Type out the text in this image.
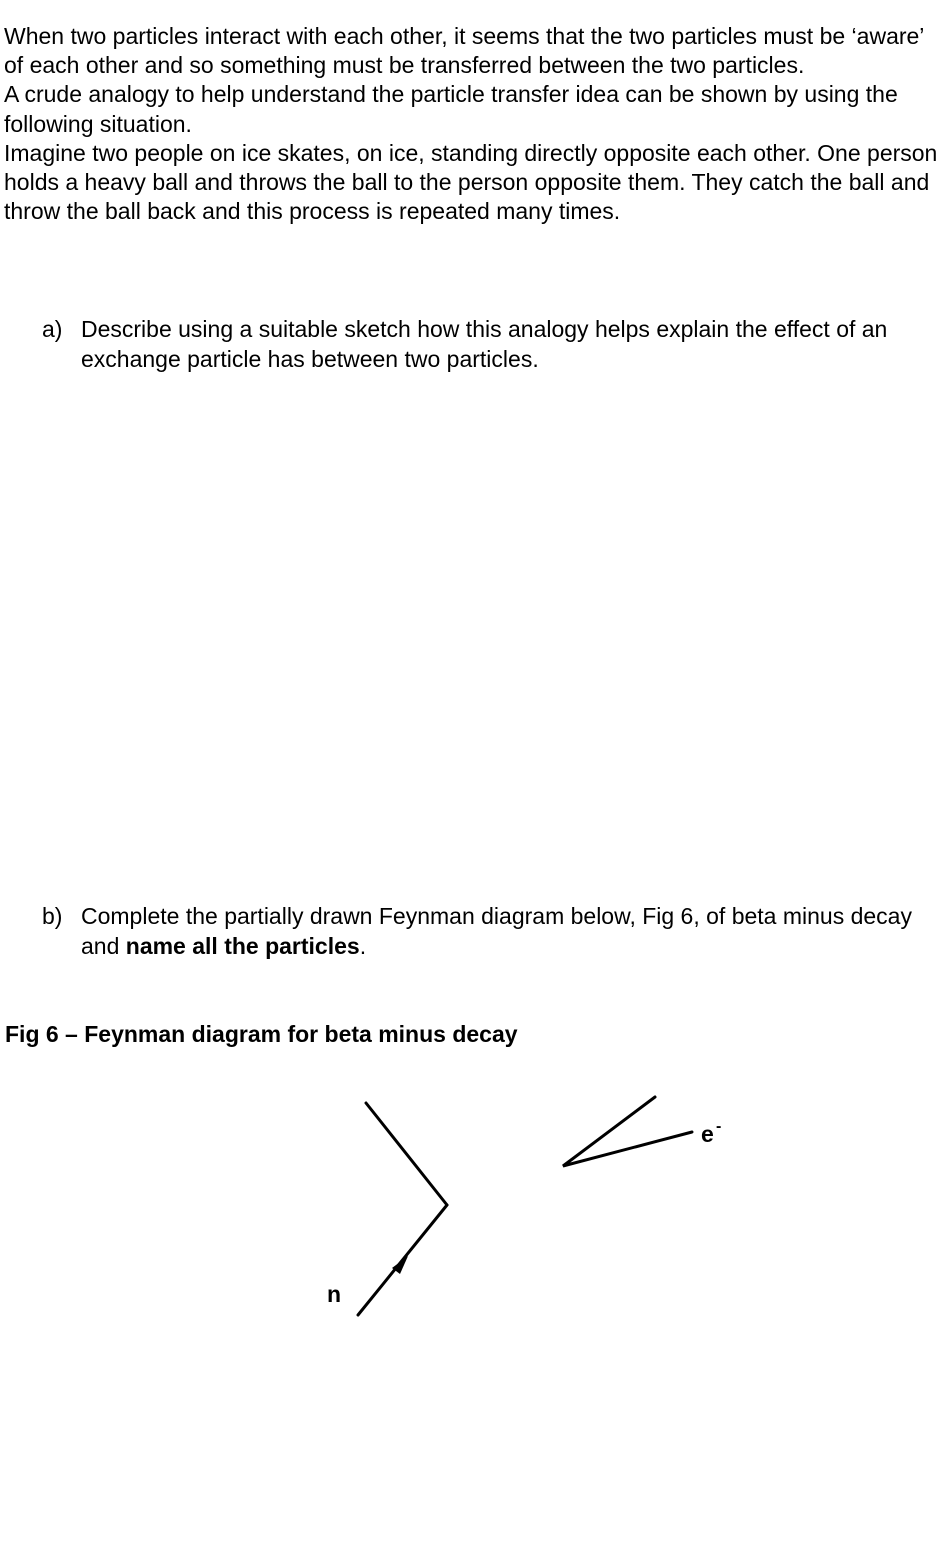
When two particles interact with each other, it seems that the two particles must be ‘aware’ of each other and so something must be transferred between the two particles.

A crude analogy to help understand the particle transfer idea can be shown by using the following situation.

Imagine two people on ice skates, on ice, standing directly opposite each other. One person holds a heavy ball and throws the ball to the person opposite them. They catch the ball and throw the ball back and this process is repeated many times.

a) Describe using a suitable sketch how this analogy helps explain the effect of an exchange particle has between two particles.
b) Complete the partially drawn Feynman diagram below, Fig 6, of beta minus decay and name all the particles.
Fig 6 – Feynman diagram for beta minus decay
n
e -
